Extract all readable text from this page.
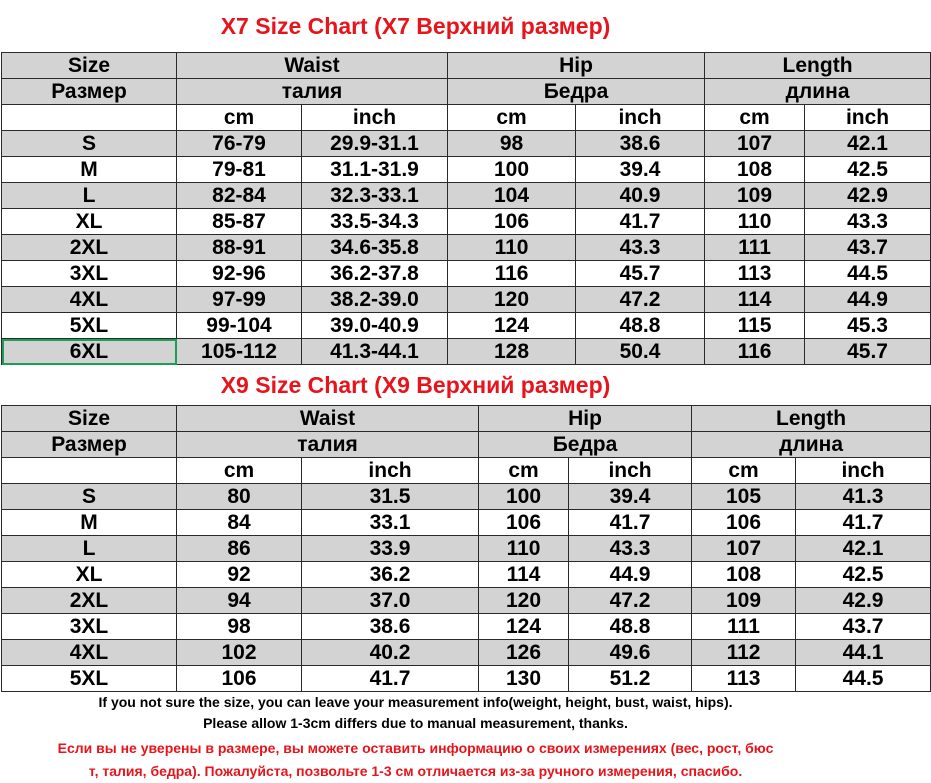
X7 Size Chart (X7 Верхний размер)
Size	Waist		Hip		Length	
Размер	талия		Бедра		длина	
	cm	inch	cm	inch	cm	inch
S	76-79	29.9-31.1	98	38.6	107	42.1
M	79-81	31.1-31.9	100	39.4	108	42.5
L	82-84	32.3-33.1	104	40.9	109	42.9
XL	85-87	33.5-34.3	106	41.7	110	43.3
2XL	88-91	34.6-35.8	110	43.3	111	43.7
3XL	92-96	36.2-37.8	116	45.7	113	44.5
4XL	97-99	38.2-39.0	120	47.2	114	44.9
5XL	99-104	39.0-40.9	124	48.8	115	45.3
6XL	105-112	41.3-44.1	128	50.4	116	45.7
X9 Size Chart (X9 Верхний размер)
Size	Waist		Hip		Length	
Размер	талия		Бедра		длина	
	cm	inch	cm	inch	cm	inch
S	80	31.5	100	39.4	105	41.3
M	84	33.1	106	41.7	106	41.7
L	86	33.9	110	43.3	107	42.1
XL	92	36.2	114	44.9	108	42.5
2XL	94	37.0	120	47.2	109	42.9
3XL	98	38.6	124	48.8	111	43.7
4XL	102	40.2	126	49.6	112	44.1
5XL	106	41.7	130	51.2	113	44.5
If you not sure the size, you can leave your measurement info(weight, height, bust, waist, hips).
Please allow 1-3cm differs due to manual measurement, thanks.
Если вы не уверены в размере, вы можете оставить информацию о своих измерениях (вес, рост, бюс
т, талия, бедра). Пожалуйста, позвольте 1-3 см отличается из-за ручного измерения, спасибо.
